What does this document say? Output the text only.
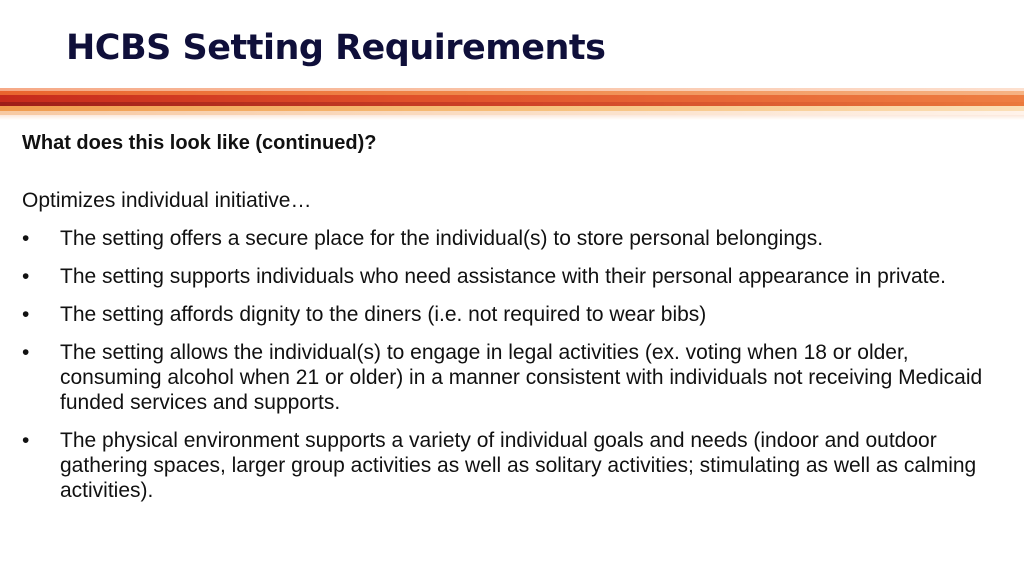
HCBS Setting Requirements
What does this look like (continued)?
Optimizes individual initiative…
•	The setting offers a secure place for the individual(s) to store personal belongings.
•	The setting supports individuals who need assistance with their personal appearance in private.
•	The setting affords dignity to the diners (i.e. not required to wear bibs)
•	The setting allows the individual(s) to engage in legal activities (ex. voting when 18 or older, consuming alcohol when 21 or older) in a manner consistent with individuals not receiving Medicaid funded services and supports.
•	The physical environment supports a variety of individual goals and needs (indoor and outdoor gathering spaces, larger group activities as well as solitary activities; stimulating as well as calming activities).
